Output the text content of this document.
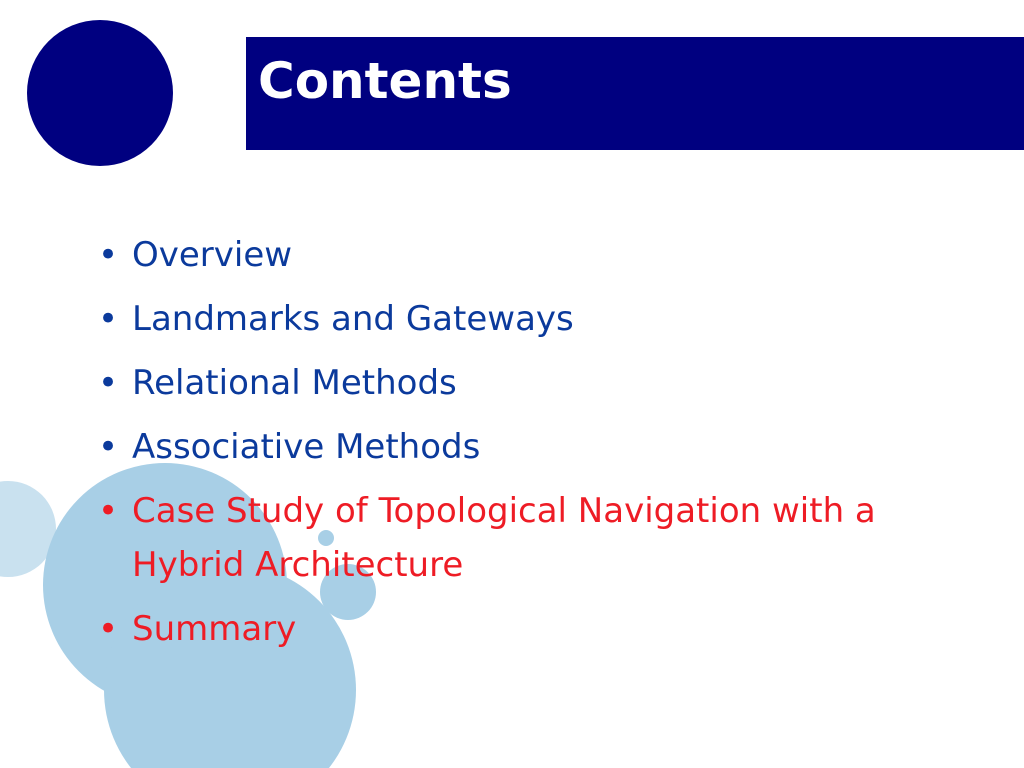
Contents
• Overview
• Landmarks and Gateways
• Relational Methods
• Associative Methods
• Case Study of Topological Navigation with a Hybrid Architecture
• Summary
